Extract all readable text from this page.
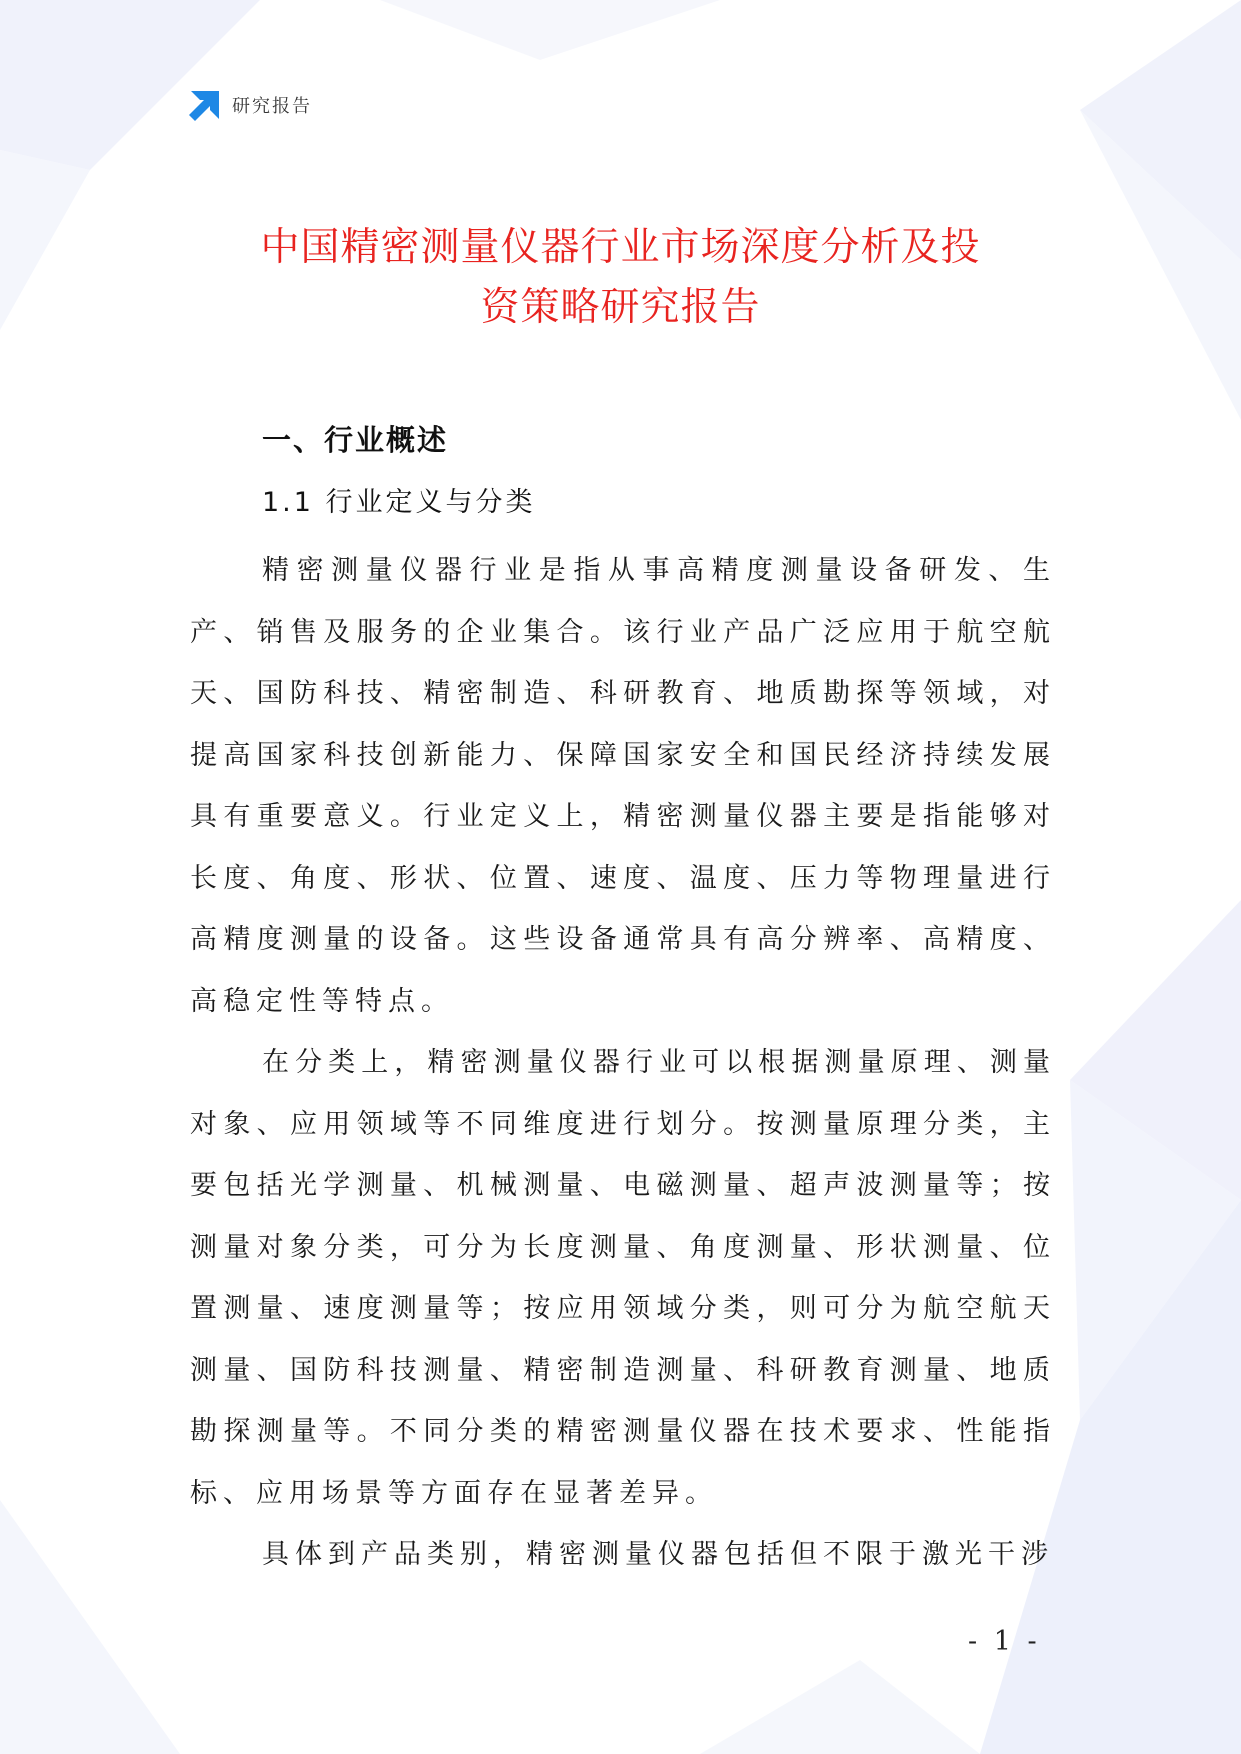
研究报告
中国精密测量仪器行业市场深度分析及投
资策略研究报告
一、行业概述
1.1 行业定义与分类

精密测量仪器行业是指从事高精度测量设备研发、生产、销售及服务的企业集合。该行业产品广泛应用于航空航天、国防科技、精密制造、科研教育、地质勘探等领域，对提高国家科技创新能力、保障国家安全和国民经济持续发展具有重要意义。行业定义上，精密测量仪器主要是指能够对长度、角度、形状、位置、速度、温度、压力等物理量进行高精度测量的设备。这些设备通常具有高分辨率、高精度、高稳定性等特点。

在分类上，精密测量仪器行业可以根据测量原理、测量对象、应用领域等不同维度进行划分。按测量原理分类，主要包括光学测量、机械测量、电磁测量、超声波测量等；按测量对象分类，可分为长度测量、角度测量、形状测量、位置测量、速度测量等；按应用领域分类，则可分为航空航天测量、国防科技测量、精密制造测量、科研教育测量、地质勘探测量等。不同分类的精密测量仪器在技术要求、性能指标、应用场景等方面存在显著差异。

具体到产品类别，精密测量仪器包括但不限于激光干涉

- 1 -
